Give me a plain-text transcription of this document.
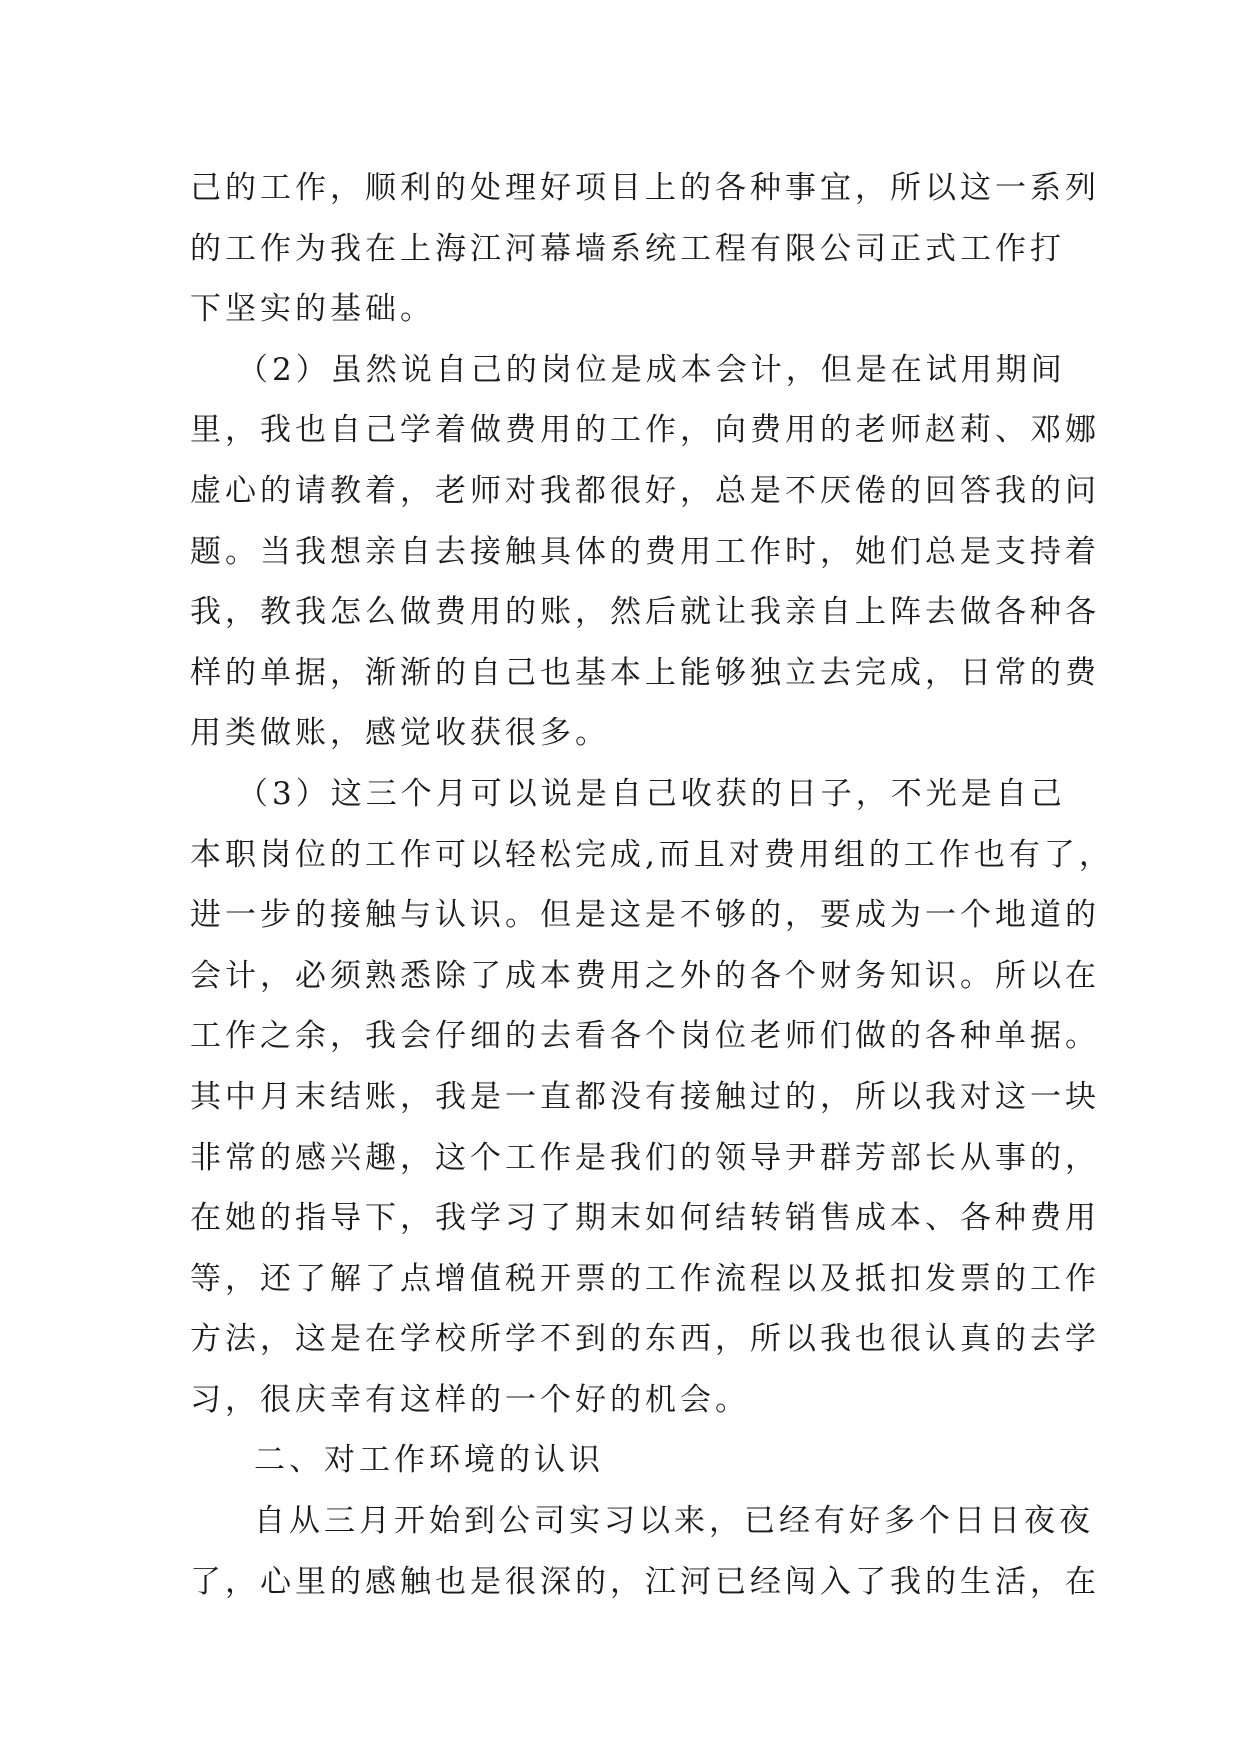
己的工作，顺利的处理好项目上的各种事宜，所以这一系列
的工作为我在上海江河幕墙系统工程有限公司正式工作打
下坚实的基础。
（2）虽然说自己的岗位是成本会计，但是在试用期间
里，我也自己学着做费用的工作，向费用的老师赵莉、邓娜
虚心的请教着，老师对我都很好，总是不厌倦的回答我的问
题。当我想亲自去接触具体的费用工作时，她们总是支持着
我，教我怎么做费用的账，然后就让我亲自上阵去做各种各
样的单据，渐渐的自己也基本上能够独立去完成，日常的费
用类做账，感觉收获很多。
（3）这三个月可以说是自己收获的日子，不光是自己
本职岗位的工作可以轻松完成,而且对费用组的工作也有了，
进一步的接触与认识。但是这是不够的，要成为一个地道的
会计，必须熟悉除了成本费用之外的各个财务知识。所以在
工作之余，我会仔细的去看各个岗位老师们做的各种单据。
其中月末结账，我是一直都没有接触过的，所以我对这一块
非常的感兴趣，这个工作是我们的领导尹群芳部长从事的，
在她的指导下，我学习了期末如何结转销售成本、各种费用
等，还了解了点增值税开票的工作流程以及抵扣发票的工作
方法，这是在学校所学不到的东西，所以我也很认真的去学
习，很庆幸有这样的一个好的机会。
二、对工作环境的认识
自从三月开始到公司实习以来，已经有好多个日日夜夜
了，心里的感触也是很深的，江河已经闯入了我的生活，在
